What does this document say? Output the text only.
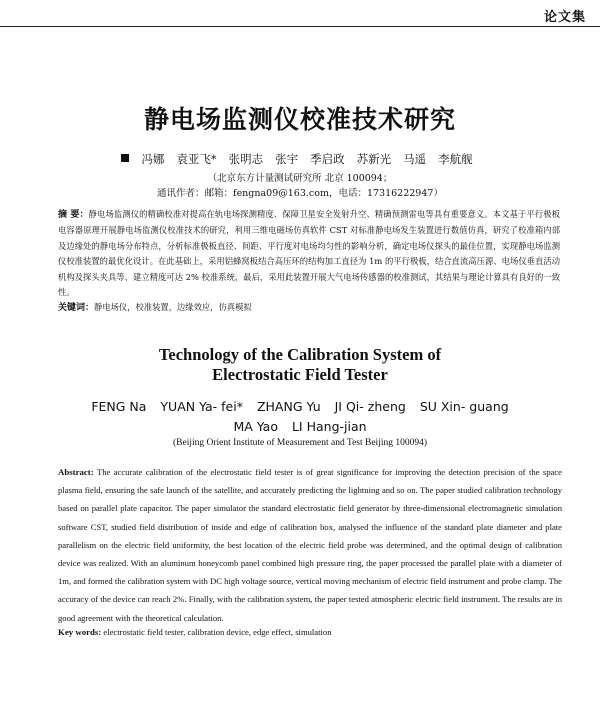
论文集
静电场监测仪校准技术研究
冯娜 袁亚飞* 张明志 张宇 季启政 苏新光 马遥 李航舰
（北京东方计量测试研究所 北京 100094；
通讯作者：邮箱：fengna09@163.com，电话：17316222947）
摘 要：静电场监测仪的精确校准对提高在轨电场探测精度、保障卫星安全发射升空、精确预测雷电等具有重要意义。本文基于平行极板电容器原理开展静电场监测仪校准技术的研究，利用三维电磁场仿真软件 CST 对标准静电场发生装置进行数值仿真，研究了校准箱内部及边缘处的静电场分布特点，分析标准极板直径、间距、平行度对电场均匀性的影响分析，确定电场仪探头的最佳位置，实现静电场监测仪校准装置的最优化设计。在此基础上，采用铝蜂窝板结合高压环的结构加工直径为 1m 的平行极板，结合直流高压源、电场仪垂直活动机构及探头夹具等，建立精度可达 2% 校准系统，最后，采用此装置开展大气电场传感器的校准测试，其结果与理论计算具有良好的一致性。
关键词：静电场仪，校准装置，边缘效应，仿真模拟
Technology of the Calibration System of
Electrostatic Field Tester
FENG Na YUAN Ya- fei* ZHANG Yu JI Qi- zheng SU Xin- guang
MA Yao LI Hang-jian
(Beijing Orient Institute of Measurement and Test Beijing 100094)
Abstract: The accurate calibration of the electrostatic field tester is of great significance for improving the detection precision of the space plasma field, ensuring the safe launch of the satellite, and accurately predicting the lightning and so on. The paper studied calibration technology based on parallel plate capacitor. The paper simulator the standard electrostatic field generator by three-dimensional electromagnetic simulation software CST, studied field distribution of inside and edge of calibration box, analysed the influence of the standard plate diameter and plate parallelism on the electric field uniformity, the best location of the electric field probe was determined, and the optimal design of calibration device was realized. With an aluminum honeycomb panel combined high pressure ring, the paper processed the parallel plate with a diameter of 1m, and formed the calibration system with DC high voltage source, vertical moving mechanism of electric field instrument and probe clamp. The accuracy of the device can reach 2%. Finally, with the calibration system, the paper tested atmospheric electric field instrument. The results are in good agreement with the theoretical calculation.
Key words: electrostatic field tester, calibration device, edge effect, simulation
